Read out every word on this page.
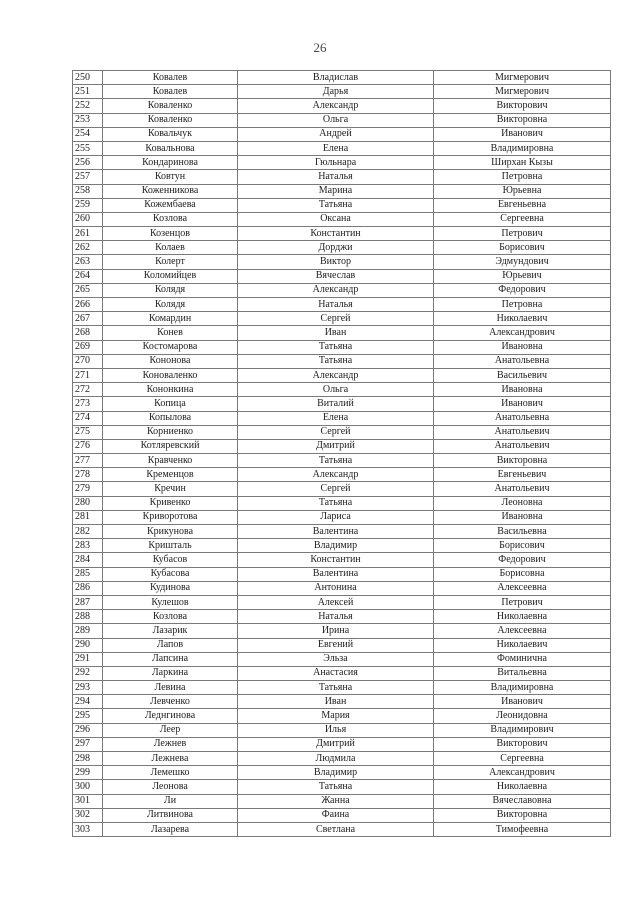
26
250	Ковалев	Владислав	Мигмерович
251	Ковалев	Дарья	Мигмерович
252	Коваленко	Александр	Викторович
253	Коваленко	Ольга	Викторовна
254	Ковальчук	Андрей	Иванович
255	Ковальнова	Елена	Владимировна
256	Кондаринова	Гюльнара	Ширхан Кызы
257	Ковтун	Наталья	Петровна
258	Коженникова	Марина	Юрьевна
259	Кожембаева	Татьяна	Евгеньевна
260	Козлова	Оксана	Сергеевна
261	Козенцов	Константин	Петрович
262	Колаев	Дорджи	Борисович
263	Колерт	Виктор	Эдмундович
264	Коломийцев	Вячеслав	Юрьевич
265	Колядя	Александр	Федорович
266	Колядя	Наталья	Петровна
267	Комардин	Сергей	Николаевич
268	Конев	Иван	Александрович
269	Костомарова	Татьяна	Ивановна
270	Кононова	Татьяна	Анатольевна
271	Коноваленко	Александр	Васильевич
272	Кононкина	Ольга	Ивановна
273	Копица	Виталий	Иванович
274	Копылова	Елена	Анатольевна
275	Корниенко	Сергей	Анатольевич
276	Котляревский	Дмитрий	Анатольевич
277	Кравченко	Татьяна	Викторовна
278	Кременцов	Александр	Евгеньевич
279	Кречин	Сергей	Анатольевич
280	Кривенко	Татьяна	Леоновна
281	Криворотова	Лариса	Ивановна
282	Крикунова	Валентина	Васильевна
283	Кришталь	Владимир	Борисович
284	Кубасов	Константин	Федорович
285	Кубасова	Валентина	Борисовна
286	Кудинова	Антонина	Алексеевна
287	Кулешов	Алексей	Петрович
288	Козлова	Наталья	Николаевна
289	Лазарик	Ирина	Алексеевна
290	Лапов	Евгений	Николаевич
291	Лапсина	Эльза	Фоминична
292	Ларкина	Анастасия	Витальевна
293	Левина	Татьяна	Владимировна
294	Левченко	Иван	Иванович
295	Леднгинова	Мария	Леонидовна
296	Леер	Илья	Владимирович
297	Лежнев	Дмитрий	Викторович
298	Лежнева	Людмила	Сергеевна
299	Лемешко	Владимир	Александрович
300	Леонова	Татьяна	Николаевна
301	Ли	Жанна	Вячеславовна
302	Литвинова	Фаина	Викторовна
303	Лазарева	Светлана	Тимофеевна
